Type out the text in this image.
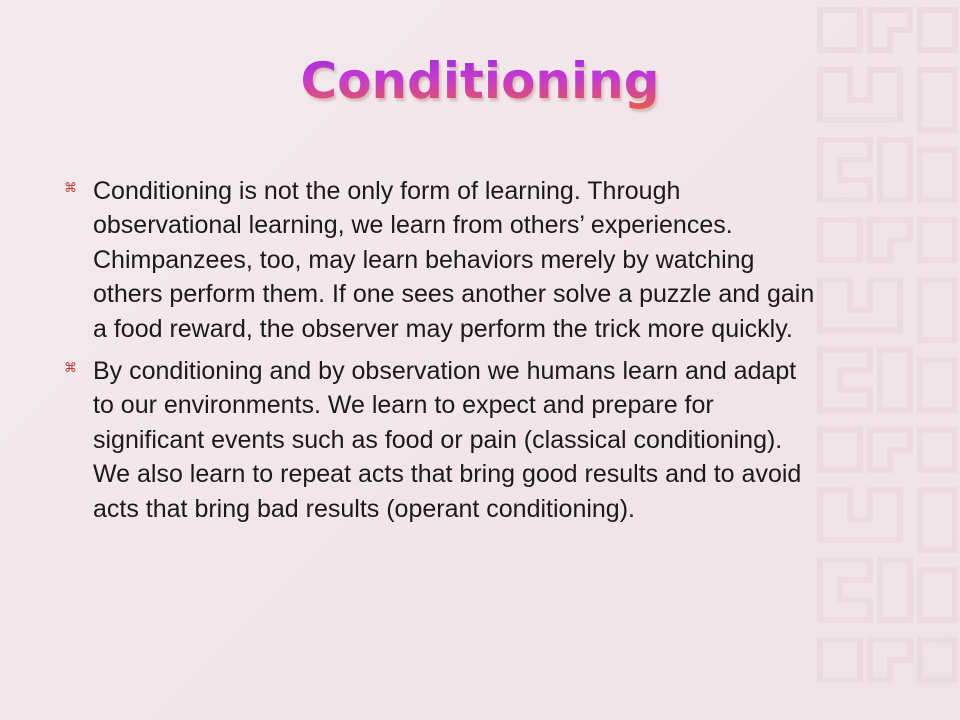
Conditioning
⌘ Conditioning is not the only form of learning. Through observational learning, we learn from others’ experiences. Chimpanzees, too, may learn behaviors merely by watching others perform them. If one sees another solve a puzzle and gain a food reward, the observer may perform the trick more quickly.
⌘ By conditioning and by observation we humans learn and adapt to our environments. We learn to expect and prepare for significant events such as food or pain (classical conditioning). We also learn to repeat acts that bring good results and to avoid acts that bring bad results (operant conditioning).
